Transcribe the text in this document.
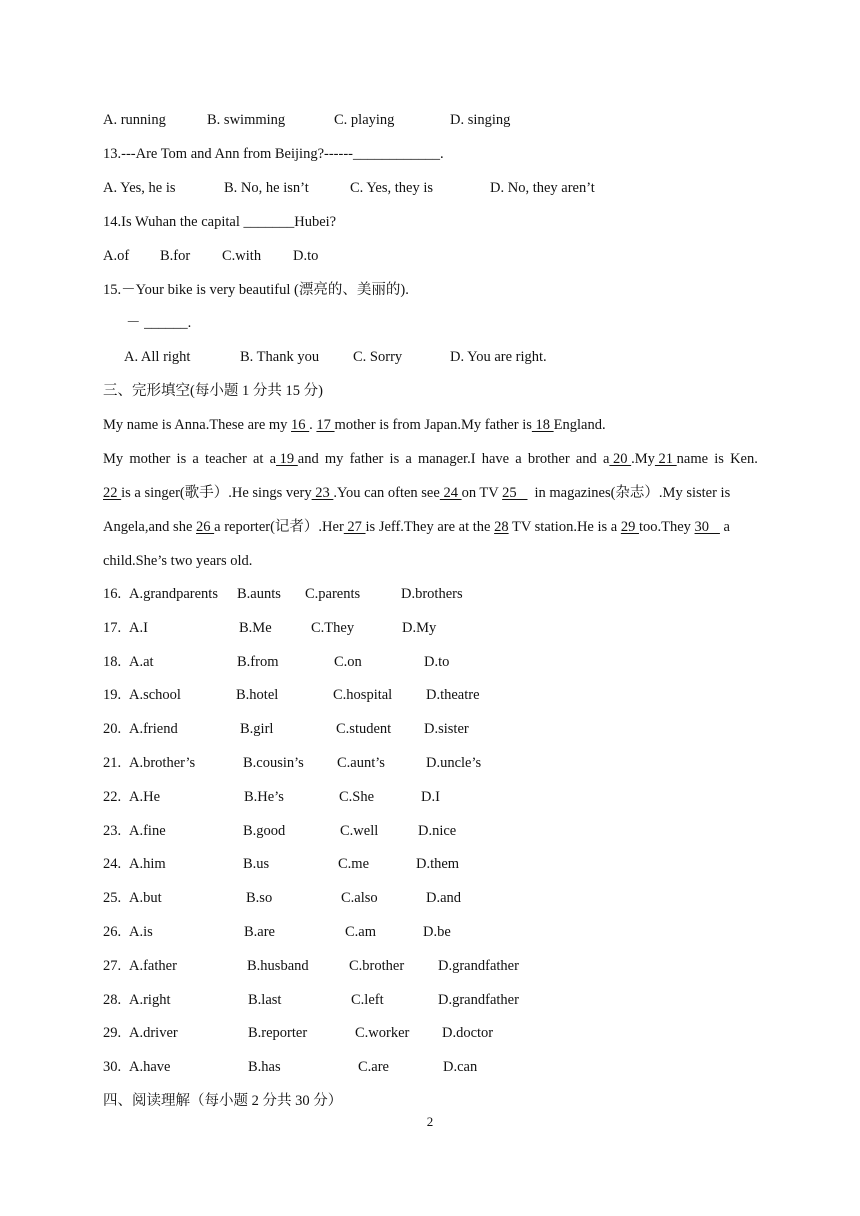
A. running	B. swimming	C. playing	D. singing
13.---Are Tom and Ann from Beijing?------____________.
A. Yes, he is	B. No, he isn’t	C. Yes, they is	D. No, they aren’t
14.Is Wuhan the capital _______Hubei?
A.of B.for C.with D.to
15.－Your bike is very beautiful (漂亮的、美丽的).
－ ______.
A. All right	B. Thank you C. Sorry	D. You are right.
三、完形填空(每小题 1 分共 15 分)
My name is Anna.These are my 16 . 17 mother is from Japan.My father is 18 England.
My mother is a teacher at a 19 and my father is a manager.I have a brother and a 20 .My 21 name is Ken.
22 is a singer(歌手）.He sings very 23 .You can often see 24 on TV 25   in magazines(杂志）.My sister is
Angela,and she 26 a reporter(记者）.Her 27 is Jeff.They are at the 28 TV station.He is a 29 too.They 30    a
child.She’s two years old.
16. A.grandparents B.aunts C.parents	D.brothers
17. A.I	B.Me	C.They	D.My
18. A.at	B.from	C.on	D.to
19. A.school	B.hotel	C.hospital D.theatre
20. A.friend	B.girl	C.student D.sister
21. A.brother’s	B.cousin’s C.aunt’s	D.uncle’s
22. A.He	B.He’s	C.She	D.I
23. A.fine	B.good	C.well	D.nice
24. A.him	B.us	C.me	D.them
25. A.but	B.so	C.also	D.and
26. A.is	B.are	C.am	D.be
27. A.father	B.husband	C.brother D.grandfather
28. A.right	B.last	C.left	D.grandfather
29. A.driver	B.reporter	C.worker D.doctor
30. A.have	B.has	C.are	D.can
四、阅读理解（每小题 2 分共 30 分）
2
